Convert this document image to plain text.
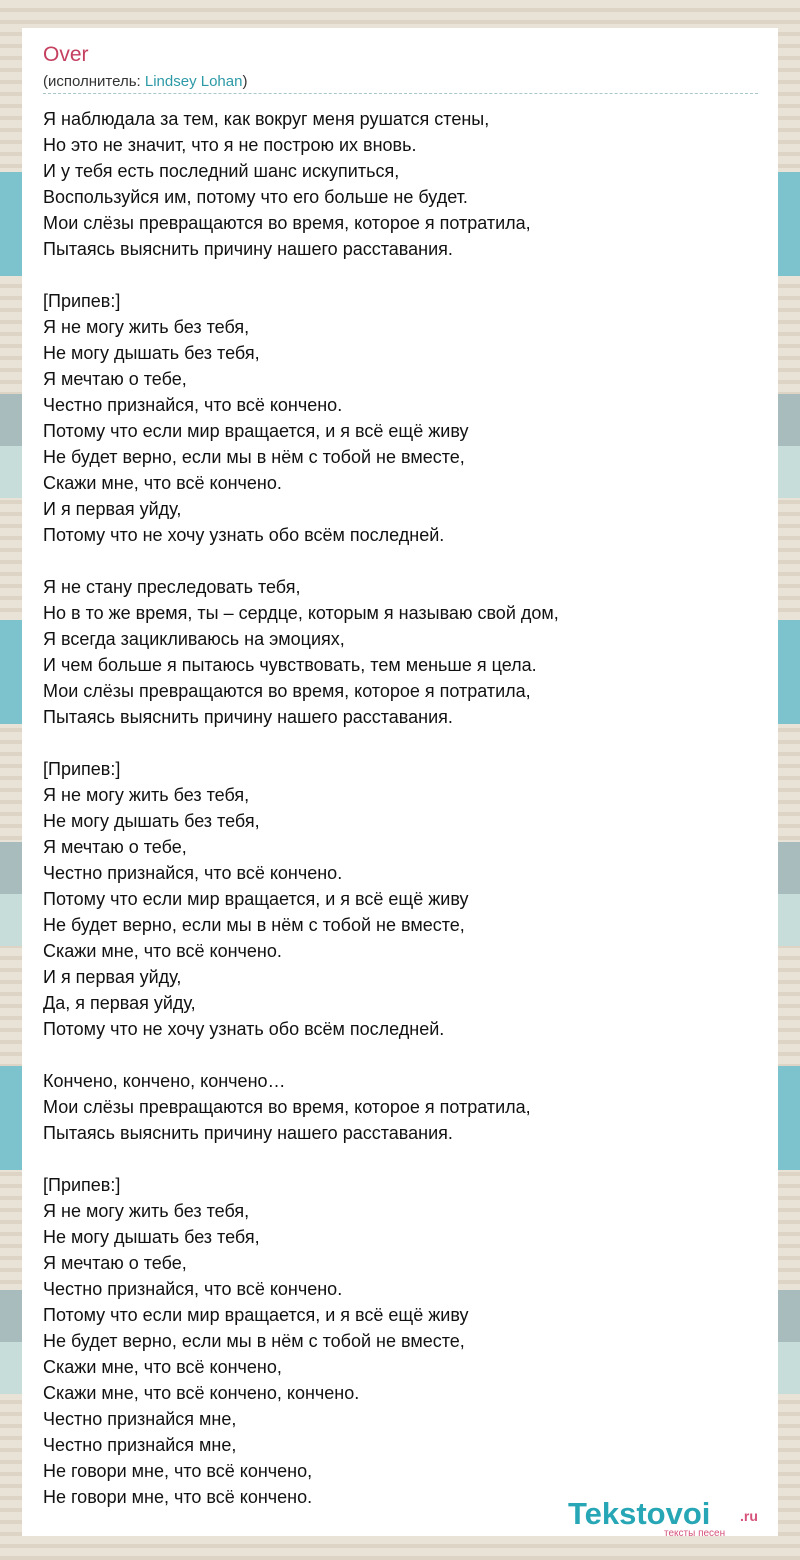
Over
(исполнитель: Lindsey Lohan)
Я наблюдала за тем, как вокруг меня рушатся стены,
Но это не значит, что я не построю их вновь.
И у тебя есть последний шанс искупиться,
Воспользуйся им, потому что его больше не будет.
Мои слёзы превращаются во время, которое я потратила,
Пытаясь выяснить причину нашего расставания.
[Припев:]
Я не могу жить без тебя,
Не могу дышать без тебя,
Я мечтаю о тебе,
Честно признайся, что всё кончено.
Потому что если мир вращается, и я всё ещё живу
Не будет верно, если мы в нём с тобой не вместе,
Скажи мне, что всё кончено.
И я первая уйду,
Потому что не хочу узнать обо всём последней.
Я не стану преследовать тебя,
Но в то же время, ты – сердце, которым я называю свой дом,
Я всегда зацикливаюсь на эмоциях,
И чем больше я пытаюсь чувствовать, тем меньше я цела.
Мои слёзы превращаются во время, которое я потратила,
Пытаясь выяснить причину нашего расставания.
[Припев:]
Я не могу жить без тебя,
Не могу дышать без тебя,
Я мечтаю о тебе,
Честно признайся, что всё кончено.
Потому что если мир вращается, и я всё ещё живу
Не будет верно, если мы в нём с тобой не вместе,
Скажи мне, что всё кончено.
И я первая уйду,
Да, я первая уйду,
Потому что не хочу узнать обо всём последней.
Кончено, кончено, кончено…
Мои слёзы превращаются во время, которое я потратила,
Пытаясь выяснить причину нашего расставания.
[Припев:]
Я не могу жить без тебя,
Не могу дышать без тебя,
Я мечтаю о тебе,
Честно признайся, что всё кончено.
Потому что если мир вращается, и я всё ещё живу
Не будет верно, если мы в нём с тобой не вместе,
Скажи мне, что всё кончено,
Скажи мне, что всё кончено, кончено.
Честно признайся мне,
Честно признайся мне,
Не говори мне, что всё кончено,
Не говори мне, что всё кончено.	Tekstovoi .ru
тексты песен
